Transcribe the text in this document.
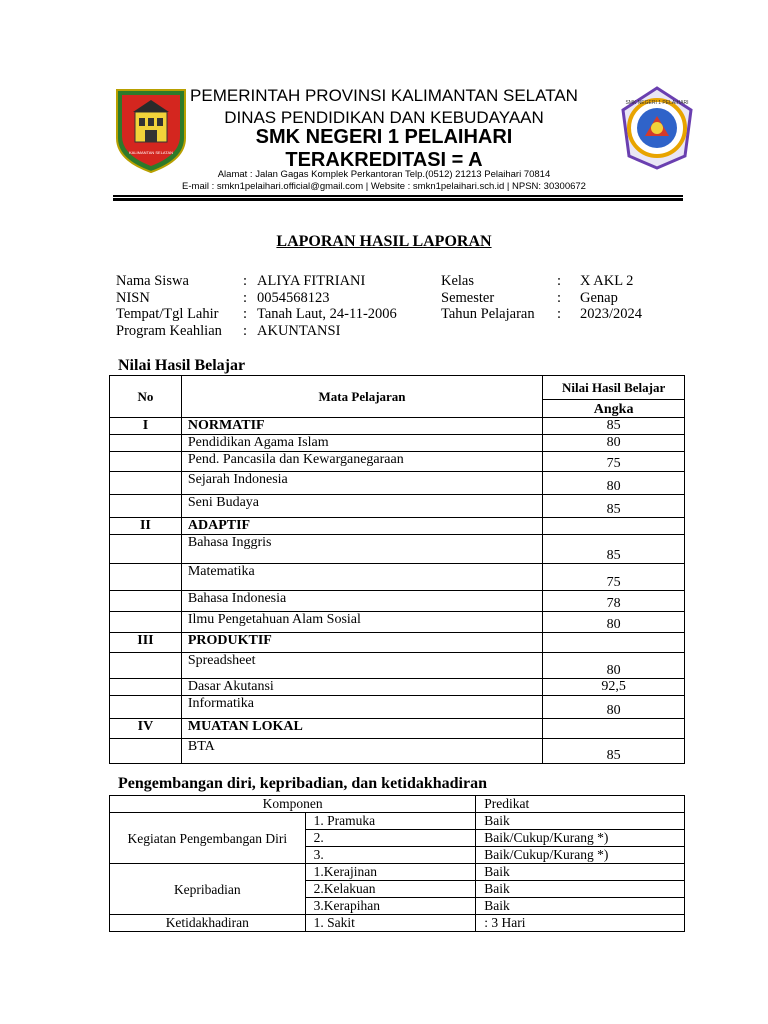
KALIMANTAN SELATAN
SMK NEGERI 1 PELAIHARI
PEMERINTAH PROVINSI KALIMANTAN SELATAN
DINAS PENDIDIKAN DAN KEBUDAYAAN
SMK NEGERI 1 PELAIHARI
TERAKREDITASI = A
Alamat : Jalan Gagas Komplek Perkantoran Telp.(0512) 21213 Pelaihari 70814
E-mail : smkn1pelaihari.official@gmail.com | Website : smkn1pelaihari.sch.id | NPSN: 30300672
LAPORAN HASIL LAPORAN
Nama Siswa	: ALIYA FITRIANI
NISN	: 0054568123
Tempat/Tgl Lahir : Tanah Laut, 24-11-2006
Program Keahlian : AKUNTANSI
Kelas	: X AKL 2
Semester	: Genap
Tahun Pelajaran : 2023/2024
Nilai Hasil Belajar
No	Mata Pelajaran	Nilai Hasil Belajar
		Angka
I	NORMATIF	85
	Pendidikan Agama Islam	80
	Pend. Pancasila dan Kewarganegaraan	75
	Sejarah Indonesia	80
	Seni Budaya	85
II	ADAPTIF	
	Bahasa Inggris	85
	Matematika	75
	Bahasa Indonesia	78
	Ilmu Pengetahuan Alam Sosial	80
III	PRODUKTIF	
	Spreadsheet	80
	Dasar Akutansi	92,5
	Informatika	80
IV	MUATAN LOKAL	
	BTA	85
Pengembangan diri, kepribadian, dan ketidakhadiran
Komponen		Predikat
Kegiatan Pengembangan Diri	1. Pramuka	Baik
	2.	Baik/Cukup/Kurang *)
	3.	Baik/Cukup/Kurang *)
Kepribadian	1.Kerajinan	Baik
	2.Kelakuan	Baik
	3.Kerapihan	Baik
Ketidakhadiran	1. Sakit	: 3 Hari
